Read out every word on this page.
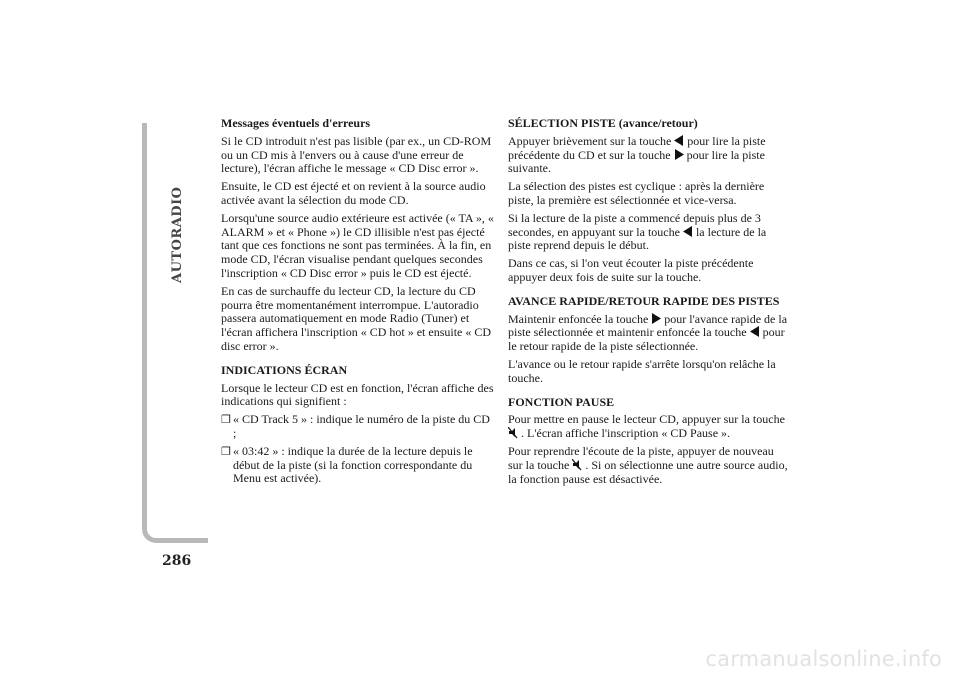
AUTORADIO
286
Messages éventuels d'erreurs

Si le CD introduit n'est pas lisible (par ex., un CD-ROM ou un CD mis à l'envers ou à cause d'une erreur de lecture), l'écran affiche le message « CD Disc error ».

Ensuite, le CD est éjecté et on revient à la source audio activée avant la sélection du mode CD.

Lorsqu'une source audio extérieure est activée (« TA », « ALARM » et « Phone ») le CD illisible n'est pas éjecté tant que ces fonctions ne sont pas terminées. À la fin, en mode CD, l'écran visualise pendant quelques secondes l'inscription « CD Disc error » puis le CD est éjecté.

En cas de surchauffe du lecteur CD, la lecture du CD pourra être momentanément interrompue. L'autoradio passera automatiquement en mode Radio (Tuner) et l'écran affichera l'inscription « CD hot » et ensuite « CD disc error ».

INDICATIONS ÉCRAN

Lorsque le lecteur CD est en fonction, l'écran affiche des indications qui signifient :

❐ « CD Track 5 » : indique le numéro de la piste du CD ;
❐ « 03:42 » : indique la durée de la lecture depuis le début de la piste (si la fonction correspondante du Menu est activée).
SÉLECTION PISTE (avance/retour)

Appuyer brièvement sur la touche pour lire la piste précédente du CD et sur la touche pour lire la piste suivante.

La sélection des pistes est cyclique : après la dernière piste, la première est sélectionnée et vice-versa.

Si la lecture de la piste a commencé depuis plus de 3 secondes, en appuyant sur la touche la lecture de la piste reprend depuis le début.

Dans ce cas, si l'on veut écouter la piste précédente appuyer deux fois de suite sur la touche.

AVANCE RAPIDE/RETOUR RAPIDE DES PISTES

Maintenir enfoncée la touche pour l'avance rapide de la piste sélectionnée et maintenir enfoncée la touche pour le retour rapide de la piste sélectionnée.

L'avance ou le retour rapide s'arrête lorsqu'on relâche la touche.

FONCTION PAUSE

Pour mettre en pause le lecteur CD, appuyer sur la touche
. L'écran affiche l'inscription « CD Pause ».

Pour reprendre l'écoute de la piste, appuyer de nouveau sur la touche . Si on sélectionne une autre source audio, la fonction pause est désactivée.

carmanualsonline.info
